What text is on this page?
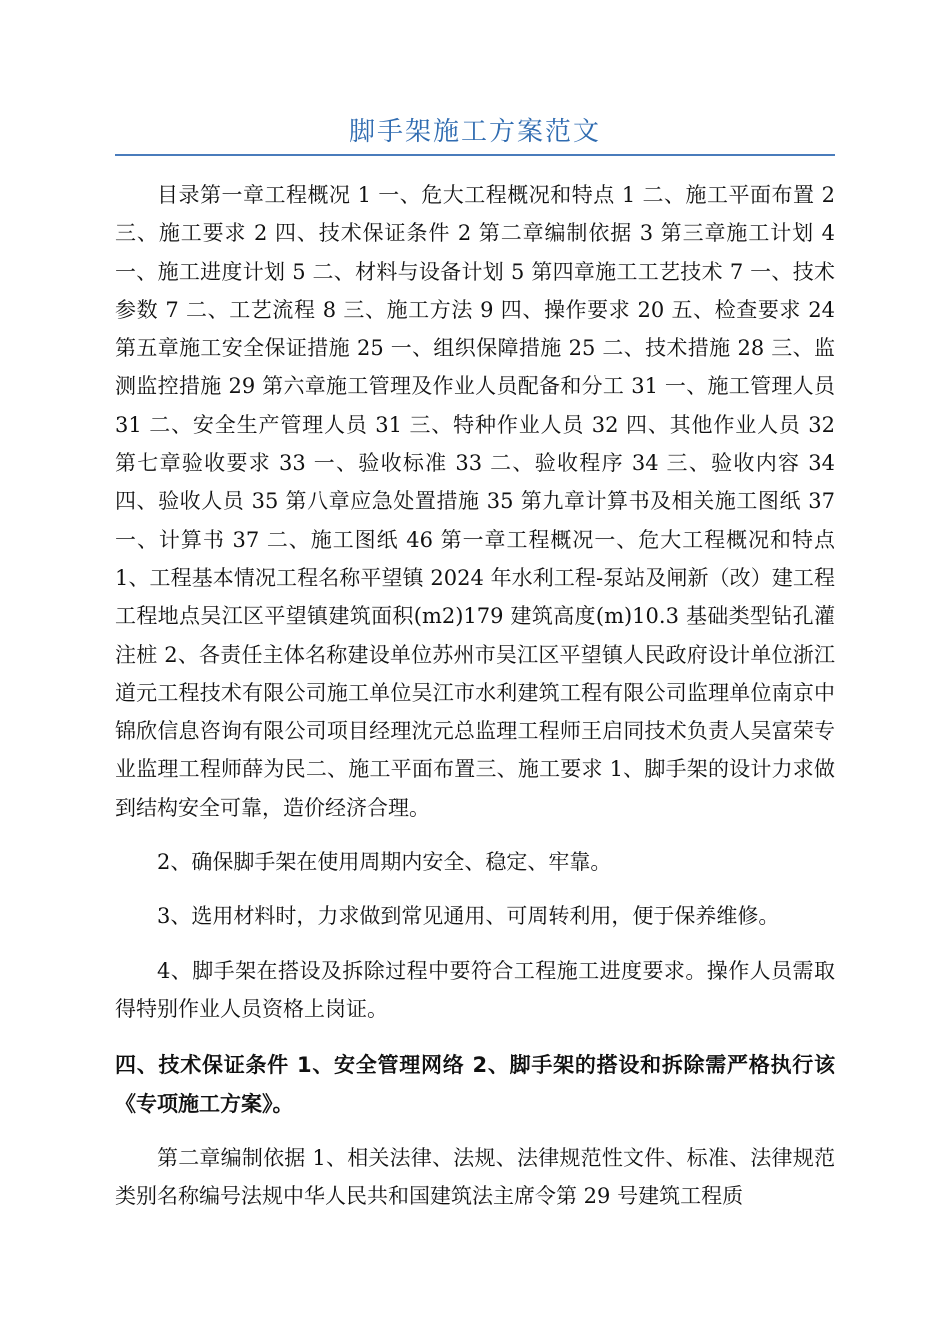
脚手架施工方案范文

目录第一章工程概况 1 一、危大工程概况和特点 1 二、施工平面布置 2 三、施工要求 2 四、技术保证条件 2 第二章编制依据 3 第三章施工计划 4 一、施工进度计划 5 二、材料与设备计划 5 第四章施工工艺技术 7 一、技术参数 7 二、工艺流程 8 三、施工方法 9 四、操作要求 20 五、检查要求 24 第五章施工安全保证措施 25 一、组织保障措施 25 二、技术措施 28 三、监测监控措施 29 第六章施工管理及作业人员配备和分工 31 一、施工管理人员 31 二、安全生产管理人员 31 三、特种作业人员 32 四、其他作业人员 32 第七章验收要求 33 一、验收标准 33 二、验收程序 34 三、验收内容 34 四、验收人员 35 第八章应急处置措施 35 第九章计算书及相关施工图纸 37 一、计算书 37 二、施工图纸 46 第一章工程概况一、危大工程概况和特点 1、工程基本情况工程名称平望镇 2024 年水利工程-泵站及闸新（改）建工程工程地点吴江区平望镇建筑面积(m2)179 建筑高度(m)10.3 基础类型钻孔灌注桩 2、各责任主体名称建设单位苏州市吴江区平望镇人民政府设计单位浙江道元工程技术有限公司施工单位吴江市水利建筑工程有限公司监理单位南京中锦欣信息咨询有限公司项目经理沈元总监理工程师王启同技术负责人吴富荣专业监理工程师薛为民二、施工平面布置三、施工要求 1、脚手架的设计力求做到结构安全可靠，造价经济合理。

2、确保脚手架在使用周期内安全、稳定、牢靠。

3、选用材料时，力求做到常见通用、可周转利用，便于保养维修。

4、脚手架在搭设及拆除过程中要符合工程施工进度要求。操作人员需取得特别作业人员资格上岗证。

四、技术保证条件 1、安全管理网络 2、脚手架的搭设和拆除需严格执行该《专项施工方案》。

第二章编制依据 1、相关法律、法规、法律规范性文件、标准、法律规范类别名称编号法规中华人民共和国建筑法主席令第 29 号建筑工程质
